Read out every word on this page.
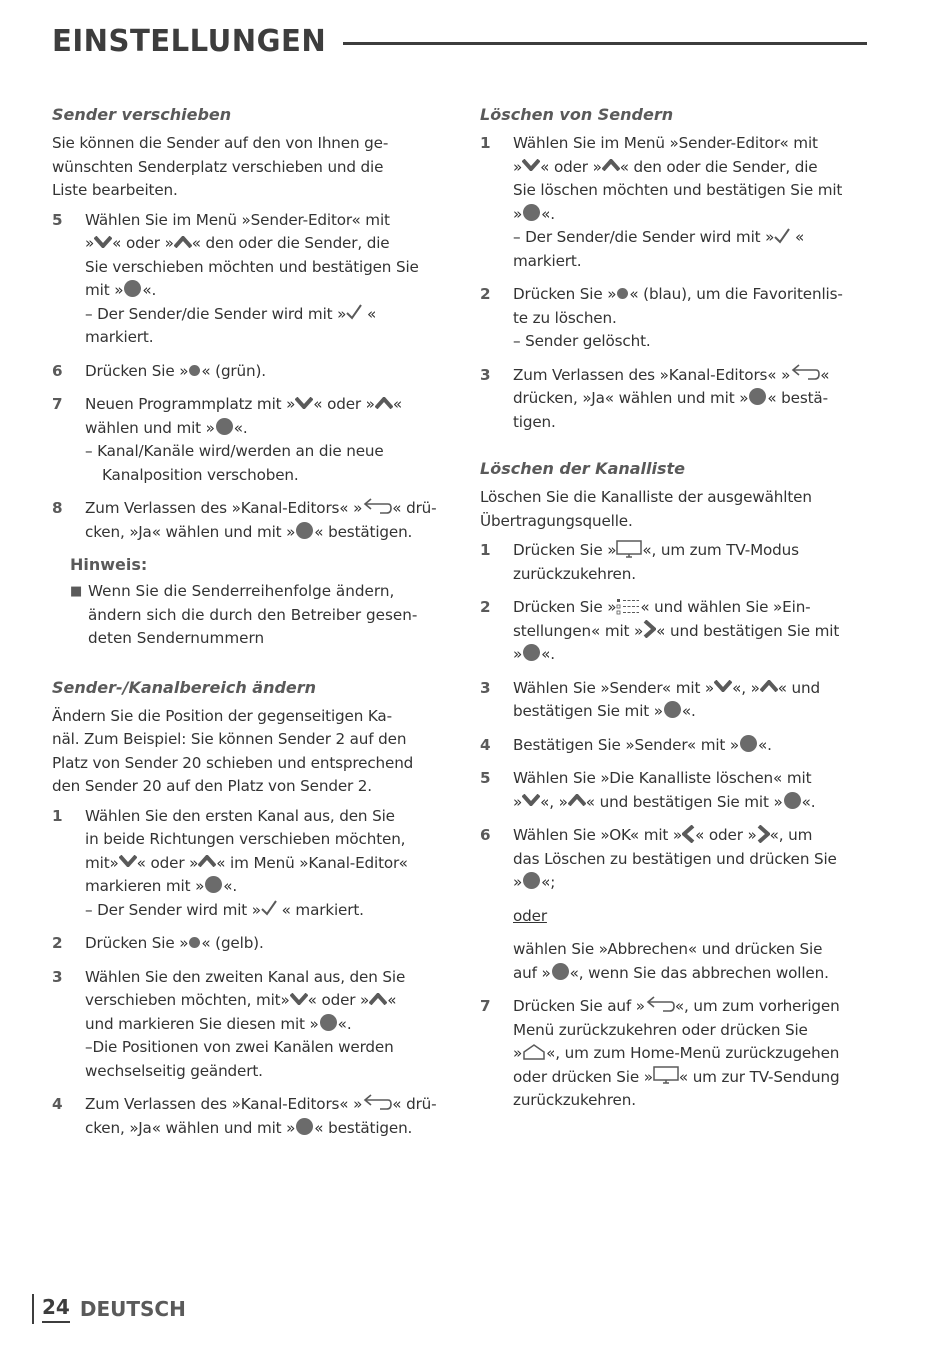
EINSTELLUNGEN
Sender verschieben
Sie können die Sender auf den von Ihnen ge-
wünschten Senderplatz verschieben und die
Liste bearbeiten.
5	Wählen Sie im Menü »Sender-Editor« mit
» « oder » « den oder die Sender, die
Sie verschieben möchten und bestätigen Sie
mit » «.
– Der Sender/die Sender wird mit » «
markiert.
6	Drücken Sie » « (grün).
7	Neuen Programmplatz mit » « oder » «
wählen und mit » «.
– Kanal/Kanäle wird/werden an die neue
Kanalposition verschoben.
8	Zum Verlassen des »Kanal-Editors« » « drü-
cken, »Ja« wählen und mit » « bestätigen.
Hinweis:
■ Wenn Sie die Senderreihenfolge ändern,
ändern sich die durch den Betreiber gesen-
deten Sendernummern
Sender-/Kanalbereich ändern
Ändern Sie die Position der gegenseitigen Ka-
näl. Zum Beispiel: Sie können Sender 2 auf den
Platz von Sender 20 schieben und entsprechend
den Sender 20 auf den Platz von Sender 2.
1	Wählen Sie den ersten Kanal aus, den Sie
in beide Richtungen verschieben möchten,
mit» « oder » « im Menü »Kanal-Editor«
markieren mit » «.
– Der Sender wird mit » « markiert.
2	Drücken Sie » « (gelb).
3	Wählen Sie den zweiten Kanal aus, den Sie
verschieben möchten, mit» « oder » «
und markieren Sie diesen mit » «.
–Die Positionen von zwei Kanälen werden
wechselseitig geändert.
4	Zum Verlassen des »Kanal-Editors« » « drü-
cken, »Ja« wählen und mit » « bestätigen.
Löschen von Sendern
1	Wählen Sie im Menü »Sender-Editor« mit
» « oder » « den oder die Sender, die
Sie löschen möchten und bestätigen Sie mit
» «.
– Der Sender/die Sender wird mit » «
markiert.
2	Drücken Sie » « (blau), um die Favoritenlis-
te zu löschen.
– Sender gelöscht.
3	Zum Verlassen des »Kanal-Editors« » «
drücken, »Ja« wählen und mit » « bestä-
tigen.
Löschen der Kanalliste
Löschen Sie die Kanalliste der ausgewählten
Übertragungsquelle.
1	Drücken Sie » «, um zum TV-Modus
zurückzukehren.
2	Drücken Sie » « und wählen Sie »Ein-
stellungen« mit » « und bestätigen Sie mit
» «.
3	Wählen Sie »Sender« mit » «, » « und
bestätigen Sie mit » «.
4	Bestätigen Sie »Sender« mit » «.
5	Wählen Sie »Die Kanalliste löschen« mit
» «, » « und bestätigen Sie mit » «.
6	Wählen Sie »OK« mit » « oder » «, um
das Löschen zu bestätigen und drücken Sie
» «;
oder
wählen Sie »Abbrechen« und drücken Sie
auf » «, wenn Sie das abbrechen wollen.
7	Drücken Sie auf » «, um zum vorherigen
Menü zurückzukehren oder drücken Sie
» «, um zum Home-Menü zurückzugehen
oder drücken Sie » « um zur TV-Sendung
zurückzukehren.
24 DEUTSCH
